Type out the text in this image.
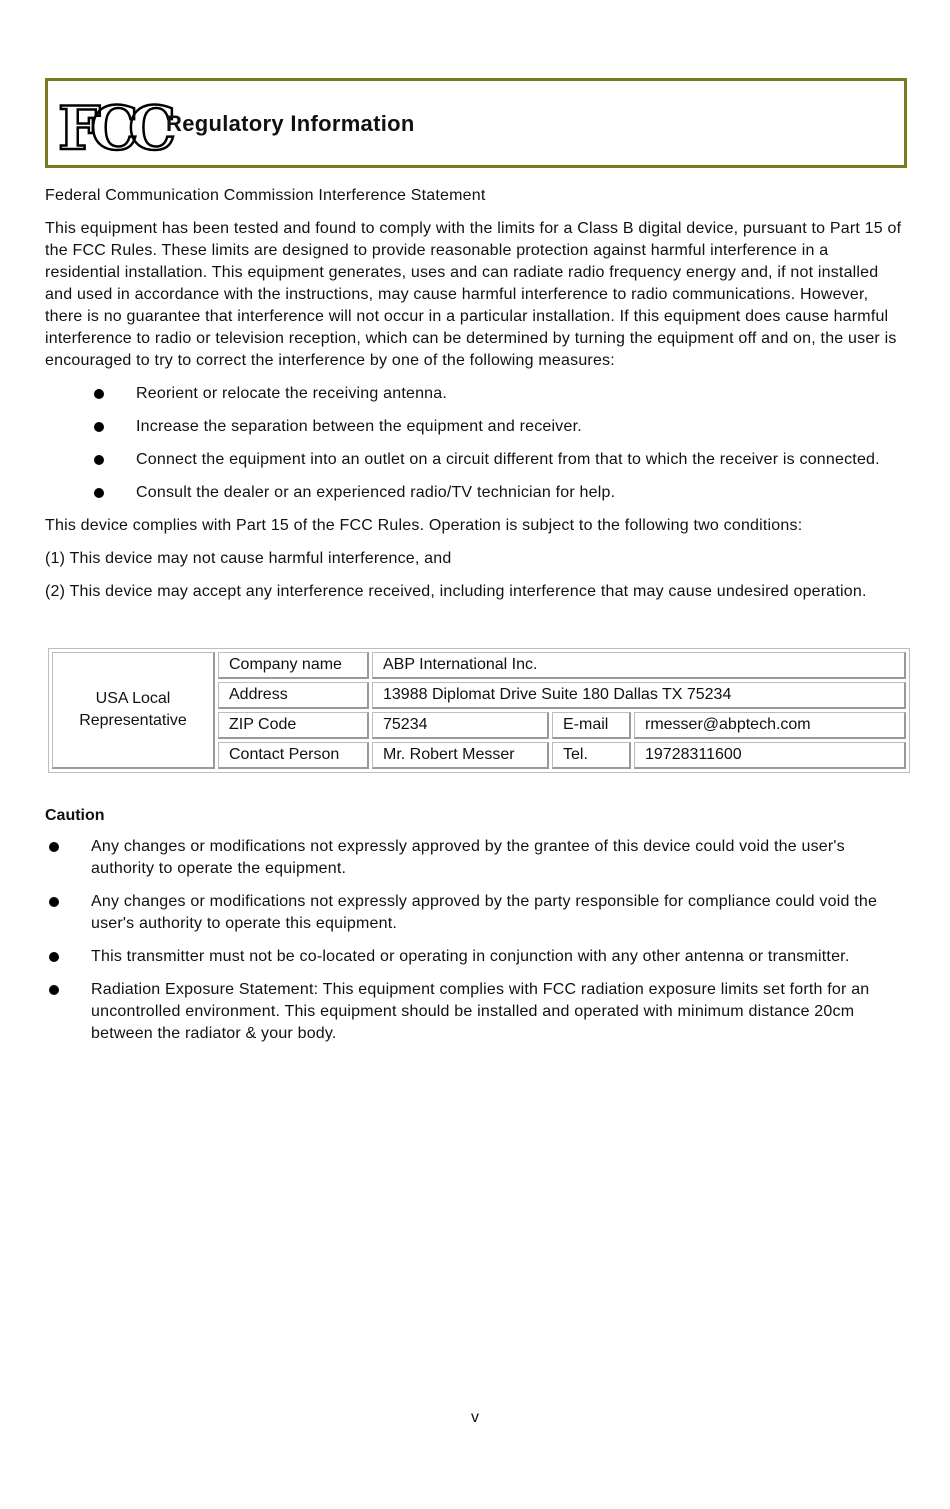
FCC Regulatory Information

Federal Communication Commission Interference Statement

This equipment has been tested and found to comply with the limits for a Class B digital device, pursuant to Part 15 of the FCC Rules. These limits are designed to provide reasonable protection against harmful interference in a residential installation. This equipment generates, uses and can radiate radio frequency energy and, if not installed and used in accordance with the instructions, may cause harmful interference to radio communications. However, there is no guarantee that interference will not occur in a particular installation. If this equipment does cause harmful interference to radio or television reception, which can be determined by turning the equipment off and on, the user is encouraged to try to correct the interference by one of the following measures:

Reorient or relocate the receiving antenna.
Increase the separation between the equipment and receiver.
Connect the equipment into an outlet on a circuit different from that to which the receiver is connected.
Consult the dealer or an experienced radio/TV technician for help.

This device complies with Part 15 of the FCC Rules. Operation is subject to the following two conditions:

(1) This device may not cause harmful interference, and

(2) This device may accept any interference received, including interference that may cause undesired operation.

USA Local Representative	Company name	ABP International Inc.		
	Address	13988 Diplomat Drive Suite 180 Dallas TX 75234		
	ZIP Code	75234	E-mail	rmesser@abptech.com
	Contact Person	Mr. Robert Messer	Tel.	19728311600
Caution
Any changes or modifications not expressly approved by the grantee of this device could void the user's authority to operate the equipment.
Any changes or modifications not expressly approved by the party responsible for compliance could void the user's authority to operate this equipment.
This transmitter must not be co-located or operating in conjunction with any other antenna or transmitter.
Radiation Exposure Statement: This equipment complies with FCC radiation exposure limits set forth for an uncontrolled environment. This equipment should be installed and operated with minimum distance 20cm between the radiator & your body.
v
